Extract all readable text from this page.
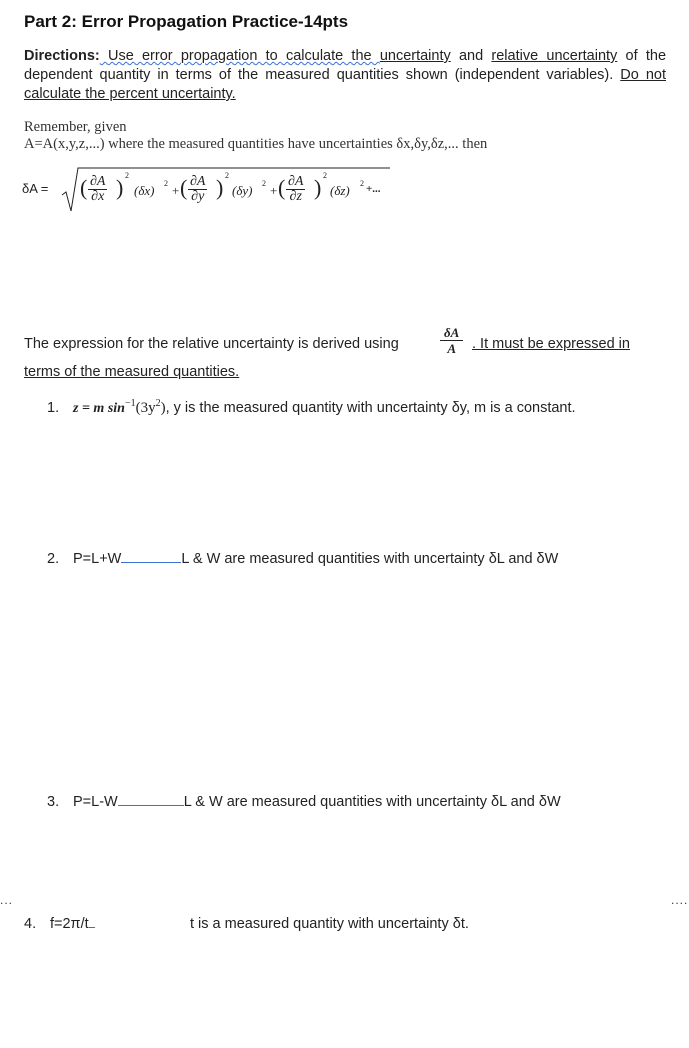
Part 2: Error Propagation Practice-14pts
Directions: Use error propagation to calculate the uncertainty and relative uncertainty of the dependent quantity in terms of the measured quantities shown (independent variables). Do not calculate the percent uncertainty.
Remember, given
A=A(x,y,z,...) where the measured quantities have uncertainties δx,δy,δz,... then
δA = ( $\frac{\partial A}{\partial x}$ ) 2
(δx) 2 + ( $\frac{\partial A}{\partial y}$ ) 2
(δy) 2 + ( $\frac{\partial A}{\partial z}$ ) 2
(δz) 2 +...
The expression for the relative uncertainty is derived using	$\frac{\delta A}{A}$ . It must be expressed in
terms of the measured quantities.
1. z = m $\sin^{-1}(3y^2)$, y is the measured quantity with uncertainty δy, m is a constant.
2. P=L+W	L & W are measured quantities with uncertainty δL and δW
3. P=L-W	L & W are measured quantities with uncertainty δL and δW
4. f=2π/t	t is a measured quantity with uncertainty δt.
...	....
